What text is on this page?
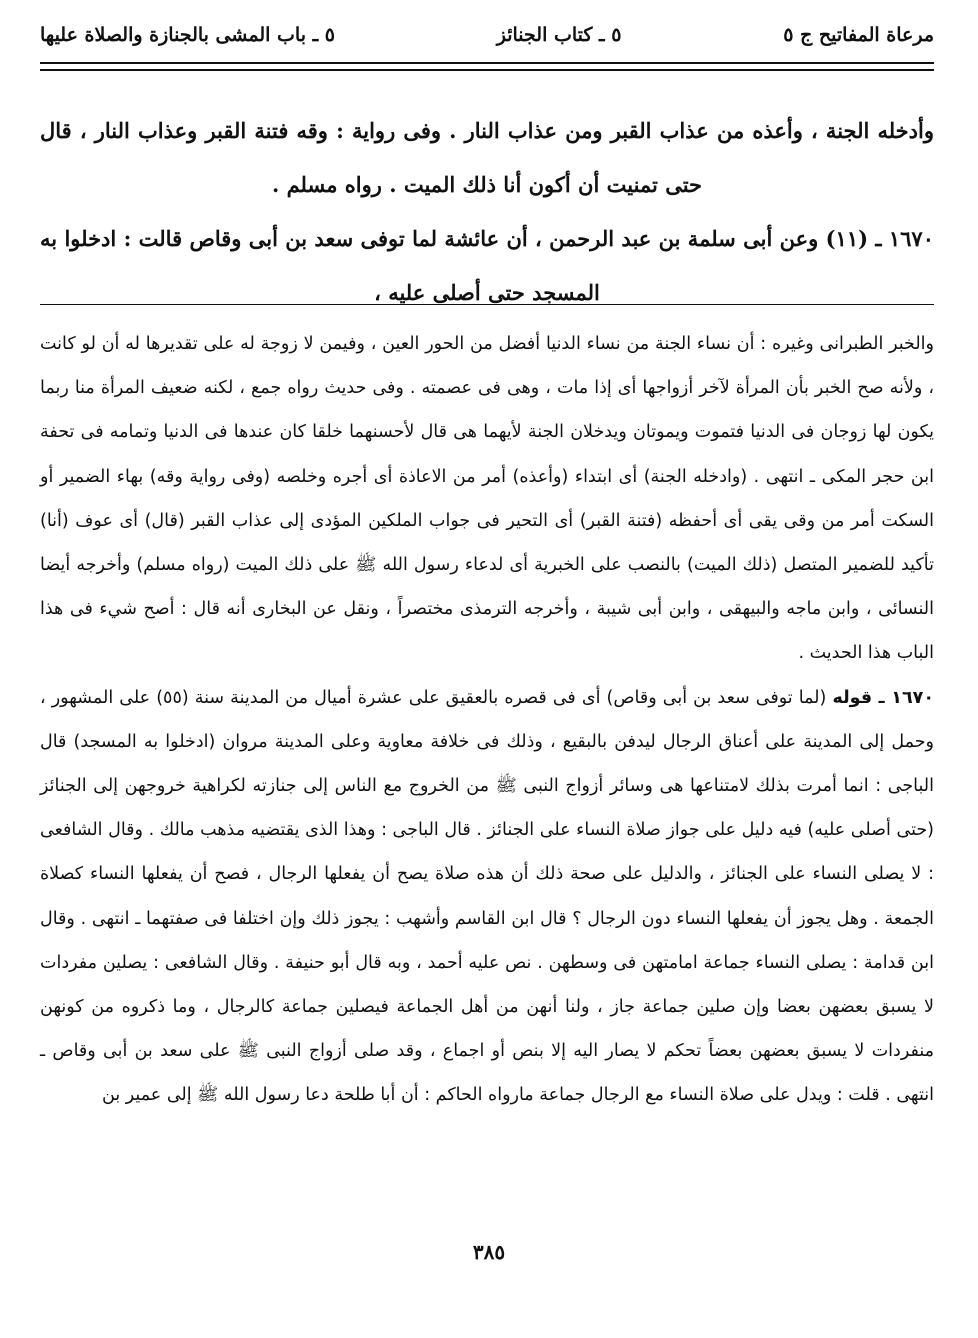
مرعاة المفاتيح ج ٥
٥ ـ كتاب الجنائز
٥ ـ باب المشى بالجنازة والصلاة عليها

وأدخله الجنة ، وأعذه من عذاب القبر ومن عذاب النار . وفى رواية : وقه فتنة القبر وعذاب النار ، قال حتى تمنيت أن أكون أنا ذلك الميت . رواه مسلم .

١٦٧٠ ـ (١١) وعن أبى سلمة بن عبد الرحمن ، أن عائشة لما توفى سعد بن أبى وقاص قالت : ادخلوا به المسجد حتى أصلى عليه ،

والخبر الطبرانى وغيره : أن نساء الجنة من نساء الدنيا أفضل من الحور العين ، وفيمن لا زوجة له على تقديرها له أن لو كانت ، ولأنه صح الخبر بأن المرأة لآخر أزواجها أى إذا مات ، وهى فى عصمته . وفى حديث رواه جمع ، لكنه ضعيف المرأة منا ربما يكون لها زوجان فى الدنيا فتموت ويموتان ويدخلان الجنة لأيهما هى قال لأحسنهما خلقا كان عندها فى الدنيا وتمامه فى تحفة ابن حجر المكى ـ انتهى . (وادخله الجنة) أى ابتداء (وأعذه) أمر من الاعاذة أى أجره وخلصه (وفى رواية وقه) بهاء الضمير أو السكت أمر من وقى يقى أى أحفظه (فتنة القبر) أى التحير فى جواب الملكين المؤدى إلى عذاب القبر (قال) أى عوف (أنا) تأكيد للضمير المتصل (ذلك الميت) بالنصب على الخبرية أى لدعاء رسول الله ﷺ على ذلك الميت (رواه مسلم) وأخرجه أيضا النسائى ، وابن ماجه والبيهقى ، وابن أبى شيبة ، وأخرجه الترمذى مختصراً ، ونقل عن البخارى أنه قال : أصح شيء فى هذا الباب هذا الحديث .

١٦٧٠ ـ قوله (لما توفى سعد بن أبى وقاص) أى فى قصره بالعقيق على عشرة أميال من المدينة سنة (٥٥) على المشهور ، وحمل إلى المدينة على أعناق الرجال ليدفن بالبقيع ، وذلك فى خلافة معاوية وعلى المدينة مروان (ادخلوا به المسجد) قال الباجى : انما أمرت بذلك لامتناعها هى وسائر أزواج النبى ﷺ من الخروج مع الناس إلى جنازته لكراهية خروجهن إلى الجنائز (حتى أصلى عليه) فيه دليل على جواز صلاة النساء على الجنائز . قال الباجى : وهذا الذى يقتضيه مذهب مالك . وقال الشافعى : لا يصلى النساء على الجنائز ، والدليل على صحة ذلك أن هذه صلاة يصح أن يفعلها الرجال ، فصح أن يفعلها النساء كصلاة الجمعة . وهل يجوز أن يفعلها النساء دون الرجال ؟ قال ابن القاسم وأشهب : يجوز ذلك وإن اختلفا فى صفتهما ـ انتهى . وقال ابن قدامة : يصلى النساء جماعة امامتهن فى وسطهن . نص عليه أحمد ، وبه قال أبو حنيفة . وقال الشافعى : يصلين مفردات لا يسبق بعضهن بعضا وإن صلين جماعة جاز ، ولنا أنهن من أهل الجماعة فيصلين جماعة كالرجال ، وما ذكروه من كونهن منفردات لا يسبق بعضهن بعضاً تحكم لا يصار اليه إلا بنص أو اجماع ، وقد صلى أزواج النبى ﷺ على سعد بن أبى وقاص ـ انتهى . قلت : ويدل على صلاة النساء مع الرجال جماعة مارواه الحاكم : أن أبا طلحة دعا رسول الله ﷺ إلى عمير بن

٣٨٥
